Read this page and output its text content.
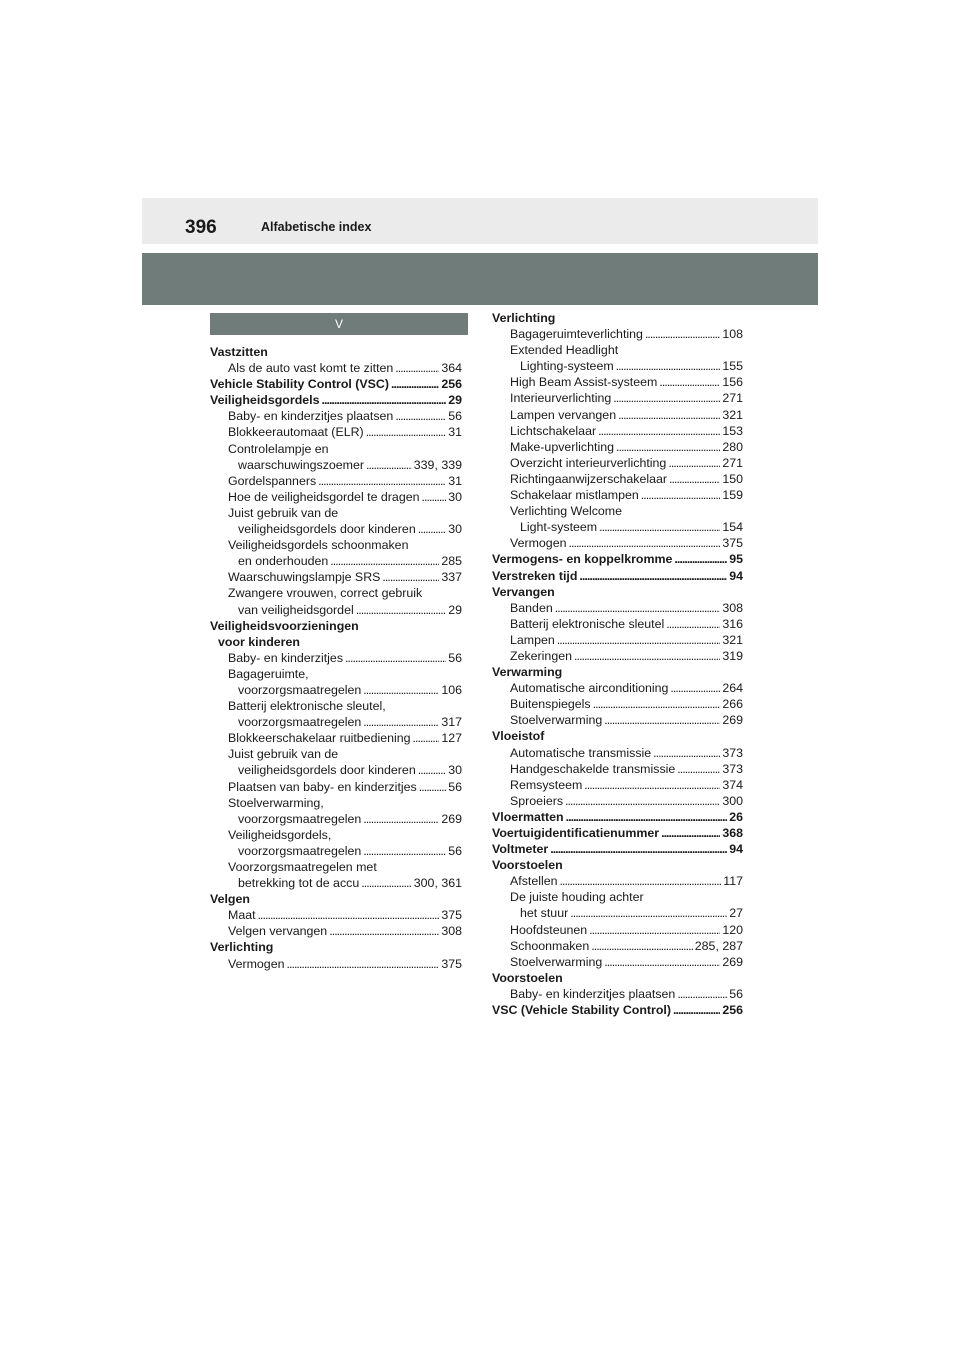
396	Alfabetische index
V
Vastzitten
Als de auto vast komt te zitten . . .	364
Vehicle Stability Control (VSC) . . .	256
Veiligheidsgordels . . .	29
Baby- en kinderzitjes plaatsen . . .	56
Blokkeerautomaat (ELR) . . .	31
Controlelampje en
waarschuwingszoemer . . .	339, 339
Gordelspanners . . .	31
Hoe de veiligheidsgordel te dragen . . . 30
Juist gebruik van de
veiligheidsgordels door kinderen . . .	30
Veiligheidsgordels schoonmaken
en onderhouden . . .	285
Waarschuwingslampje SRS . . .	337
Zwangere vrouwen, correct gebruik
van veiligheidsgordel . . .	29
Veiligheidsvoorzieningen
voor kinderen
Baby- en kinderzitjes . . .	56
Bagageruimte,
voorzorgsmaatregelen . . .	106
Batterij elektronische sleutel,
voorzorgsmaatregelen . . .	317
Blokkeerschakelaar ruitbediening . . . 127
Juist gebruik van de
veiligheidsgordels door kinderen . . .	30
Plaatsen van baby- en kinderzitjes . . .	56
Stoelverwarming,
voorzorgsmaatregelen . . .	269
Veiligheidsgordels,
voorzorgsmaatregelen . . .	56
Voorzorgsmaatregelen met
betrekking tot de accu . . .	300, 361
Velgen
Maat . . .	375
Velgen vervangen . . .	308
Verlichting
Vermogen . . .	375
Verlichting
Bagageruimteverlichting . . .	108
Extended Headlight
Lighting-systeem . . .	155
High Beam Assist-systeem . . .	156
Interieurverlichting . . .	271
Lampen vervangen . . .	321
Lichtschakelaar . . .	153
Make-upverlichting . . .	280
Overzicht interieurverlichting . . .	271
Richtingaanwijzerschakelaar . . .	150
Schakelaar mistlampen . . .	159
Verlichting Welcome
Light-systeem . . .	154
Vermogen . . .	375
Vermogens- en koppelkromme . . .	95
Verstreken tijd . . .	94
Vervangen
Banden . . .	308
Batterij elektronische sleutel . . .	316
Lampen . . .	321
Zekeringen . . .	319
Verwarming
Automatische airconditioning . . .	264
Buitenspiegels . . .	266
Stoelverwarming . . .	269
Vloeistof
Automatische transmissie . . .	373
Handgeschakelde transmissie . . .	373
Remsysteem . . .	374
Sproeiers . . .	300
Vloermatten . . .	26
Voertuigidentificatienummer . . .	368
Voltmeter . . .	94
Voorstoelen
Afstellen . . .	117
De juiste houding achter
het stuur . . .	27
Hoofdsteunen . . .	120
Schoonmaken . . .	285, 287
Stoelverwarming . . .	269
Voorstoelen
Baby- en kinderzitjes plaatsen . . .	56
VSC (Vehicle Stability Control) . . .	256
